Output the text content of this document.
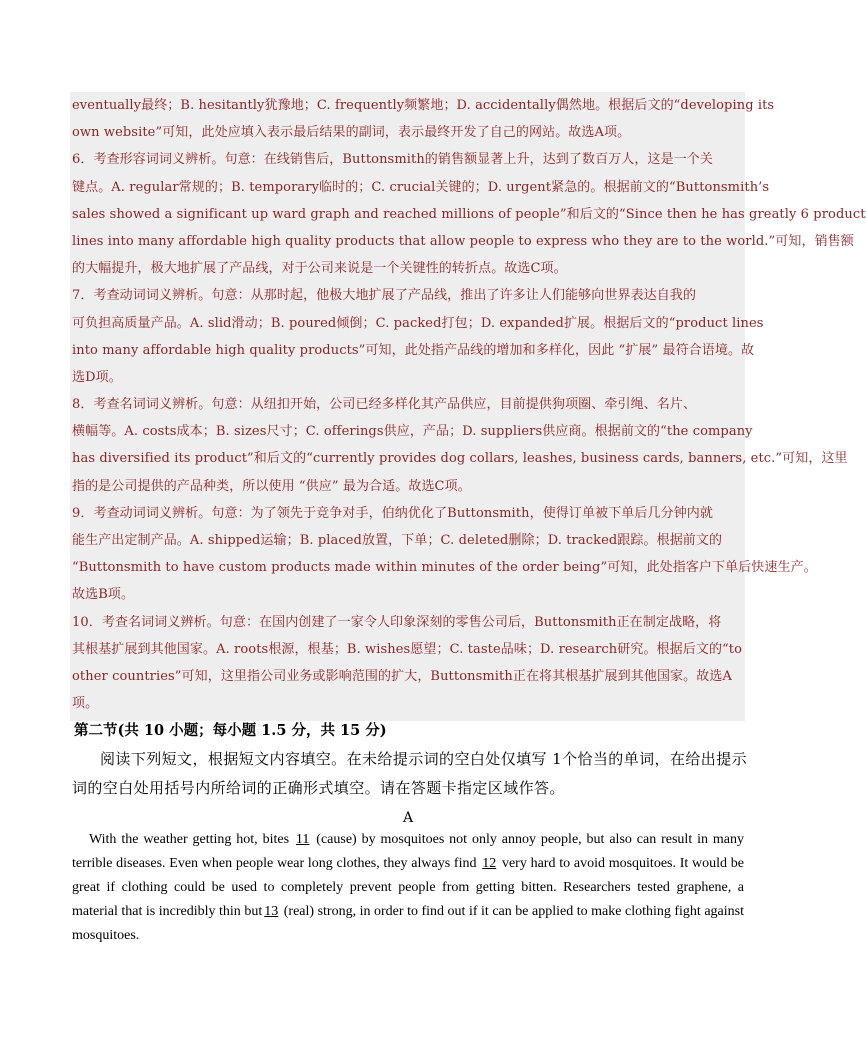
eventually最终；B. hesitantly犹豫地；C. frequently频繁地；D. accidentally偶然地。根据后文的“developing its

own website”可知，此处应填入表示最后结果的副词，表示最终开发了自己的网站。故选A项。

6．考查形容词词义辨析。句意：在线销售后，Buttonsmith的销售额显著上升，达到了数百万人，这是一个关

键点。A. regular常规的；B. temporary临时的；C. crucial关键的；D. urgent紧急的。根据前文的“Buttonsmith’s

sales showed a significant up ward graph and reached millions of people”和后文的“Since then he has greatly 6 product

lines into many affordable high quality products that allow people to express who they are to the world.”可知，销售额

的大幅提升，极大地扩展了产品线，对于公司来说是一个关键性的转折点。故选C项。

7．考查动词词义辨析。句意：从那时起，他极大地扩展了产品线，推出了许多让人们能够向世界表达自我的

可负担高质量产品。A. slid滑动；B. poured倾倒；C. packed打包；D. expanded扩展。根据后文的“product lines

into many affordable high quality products”可知，此处指产品线的增加和多样化，因此 “扩展” 最符合语境。故

选D项。

8．考查名词词义辨析。句意：从纽扣开始，公司已经多样化其产品供应，目前提供狗项圈、牵引绳、名片、

横幅等。A. costs成本；B. sizes尺寸；C. offerings供应，产品；D. suppliers供应商。根据前文的“the company

has diversified its product”和后文的“currently provides dog collars, leashes, business cards, banners, etc.”可知，这里

指的是公司提供的产品种类，所以使用 “供应” 最为合适。故选C项。

9．考查动词词义辨析。句意：为了领先于竞争对手，伯纳优化了Buttonsmith，使得订单被下单后几分钟内就

能生产出定制产品。A. shipped运输；B. placed放置，下单；C. deleted删除；D. tracked跟踪。根据前文的

“Buttonsmith to have custom products made within minutes of the order being”可知，此处指客户下单后快速生产。

故选B项。

10．考查名词词义辨析。句意：在国内创建了一家令人印象深刻的零售公司后，Buttonsmith正在制定战略，将

其根基扩展到其他国家。A. roots根源，根基；B. wishes愿望；C. taste品味；D. research研究。根据后文的“to

other countries”可知，这里指公司业务或影响范围的扩大，Buttonsmith正在将其根基扩展到其他国家。故选A

项。

第二节(共 10 小题；每小题 1.5 分，共 15 分)

阅读下列短文，根据短文内容填空。在未给提示词的空白处仅填写 1个恰当的单词，在给出提示词的空白处用括号内所给词的正确形式填空。请在答题卡指定区域作答。

A

With the weather getting hot, bites 11 (cause) by mosquitoes not only annoy people, but also can result in many terrible diseases. Even when people wear long clothes, they always find 12 very hard to avoid mosquitoes. It would be great if clothing could be used to completely prevent people from getting bitten. Researchers tested graphene, a material that is incredibly thin but 13 (real) strong, in order to find out if it can be applied to make clothing fight against mosquitoes.
